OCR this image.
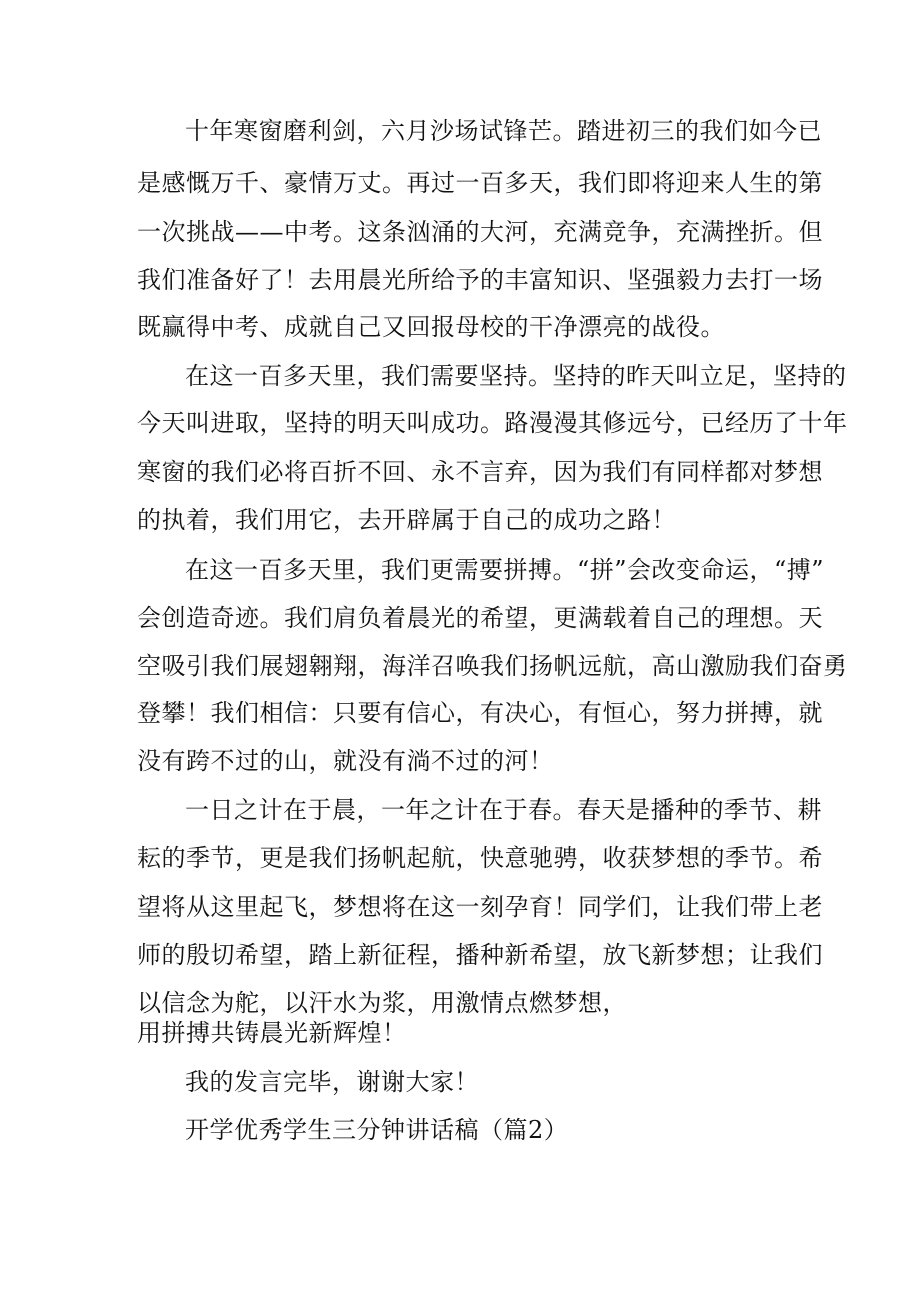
十年寒窗磨利剑，六月沙场试锋芒。踏进初三的我们如今已
是感慨万千、豪情万丈。再过一百多天，我们即将迎来人生的第
一次挑战——中考。这条汹涌的大河，充满竞争，充满挫折。但
我们准备好了！去用晨光所给予的丰富知识、坚强毅力去打一场
既赢得中考、成就自己又回报母校的干净漂亮的战役。
在这一百多天里，我们需要坚持。坚持的昨天叫立足，坚持的
今天叫进取，坚持的明天叫成功。路漫漫其修远兮，已经历了十年
寒窗的我们必将百折不回、永不言弃，因为我们有同样都对梦想
的执着，我们用它，去开辟属于自己的成功之路！
在这一百多天里，我们更需要拼搏。“拼”会改变命运，“搏”
会创造奇迹。我们肩负着晨光的希望，更满载着自己的理想。天
空吸引我们展翅翱翔，海洋召唤我们扬帆远航，高山激励我们奋勇
登攀！我们相信：只要有信心，有决心，有恒心，努力拼搏，就
没有跨不过的山，就没有淌不过的河！
一日之计在于晨，一年之计在于春。春天是播种的季节、耕
耘的季节，更是我们扬帆起航，快意驰骋，收获梦想的季节。希
望将从这里起飞，梦想将在这一刻孕育！同学们，让我们带上老
师的殷切希望，踏上新征程，播种新希望，放飞新梦想；让我们
以信念为舵，以汗水为浆，用激情点燃梦想，
用拼搏共铸晨光新辉煌！
我的发言完毕，谢谢大家！
开学优秀学生三分钟讲话稿（篇2）
